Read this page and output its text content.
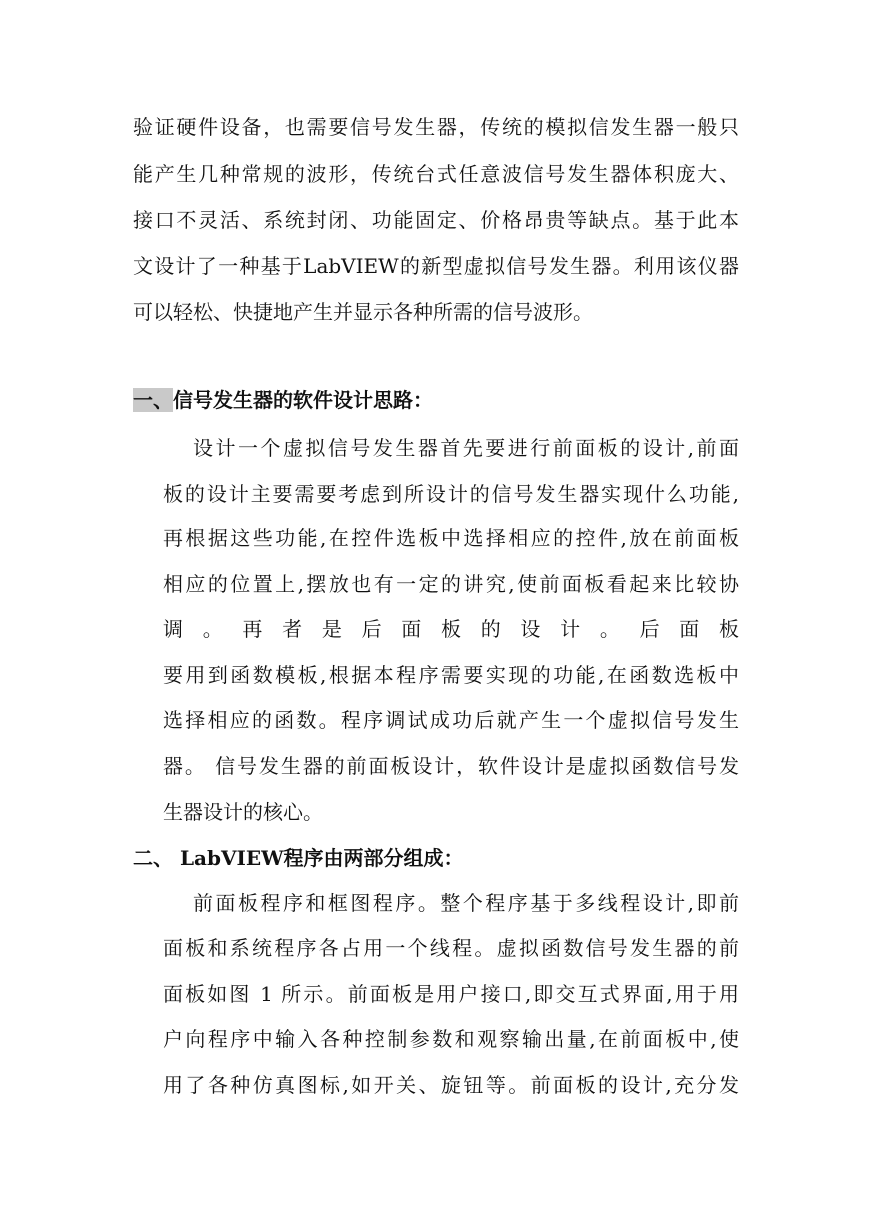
验证硬件设备，也需要信号发生器，传统的模拟信发生器一般只
能产生几种常规的波形，传统台式任意波信号发生器体积庞大、
接口不灵活、系统封闭、功能固定、价格昂贵等缺点。基于此本
文设计了一种基于LabVIEW的新型虚拟信号发生器。利用该仪器
可以轻松、快捷地产生并显示各种所需的信号波形。
一、信号发生器的软件设计思路：
设计一个虚拟信号发生器首先要进行前面板的设计,前面
板的设计主要需要考虑到所设计的信号发生器实现什么功能,
再根据这些功能,在控件选板中选择相应的控件,放在前面板
相应的位置上,摆放也有一定的讲究,使前面板看起来比较协
调。再者是后面板的设计。后面板
要用到函数模板,根据本程序需要实现的功能,在函数选板中
选择相应的函数。程序调试成功后就产生一个虚拟信号发生
器。 信号发生器的前面板设计，软件设计是虚拟函数信号发
生器设计的核心。
二、 LabVIEW程序由两部分组成：
前面板程序和框图程序。整个程序基于多线程设计,即前
面板和系统程序各占用一个线程。虚拟函数信号发生器的前
面板如图 1 所示。前面板是用户接口,即交互式界面,用于用
户向程序中输入各种控制参数和观察输出量,在前面板中,使
用了各种仿真图标,如开关、旋钮等。前面板的设计,充分发
